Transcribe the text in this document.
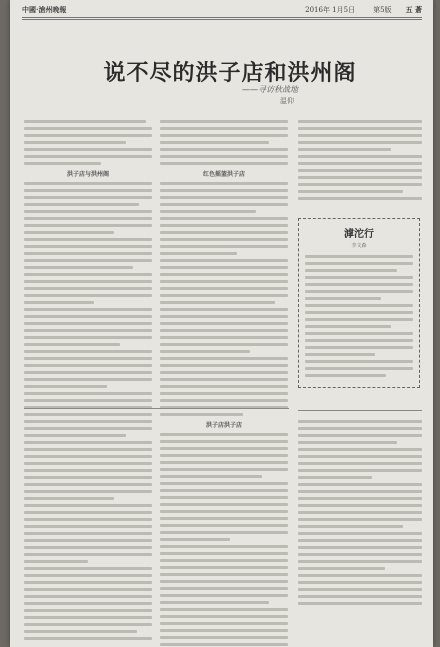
中國·滄州晚報	2016年 1月5日	第5版 五 蒼
说不尽的洪子店和洪州阁
——寻访秋战地
温仰
洪子店与洪州阁	红色摇篮洪子店
洪子店洪子店
滹沱行
李文森
